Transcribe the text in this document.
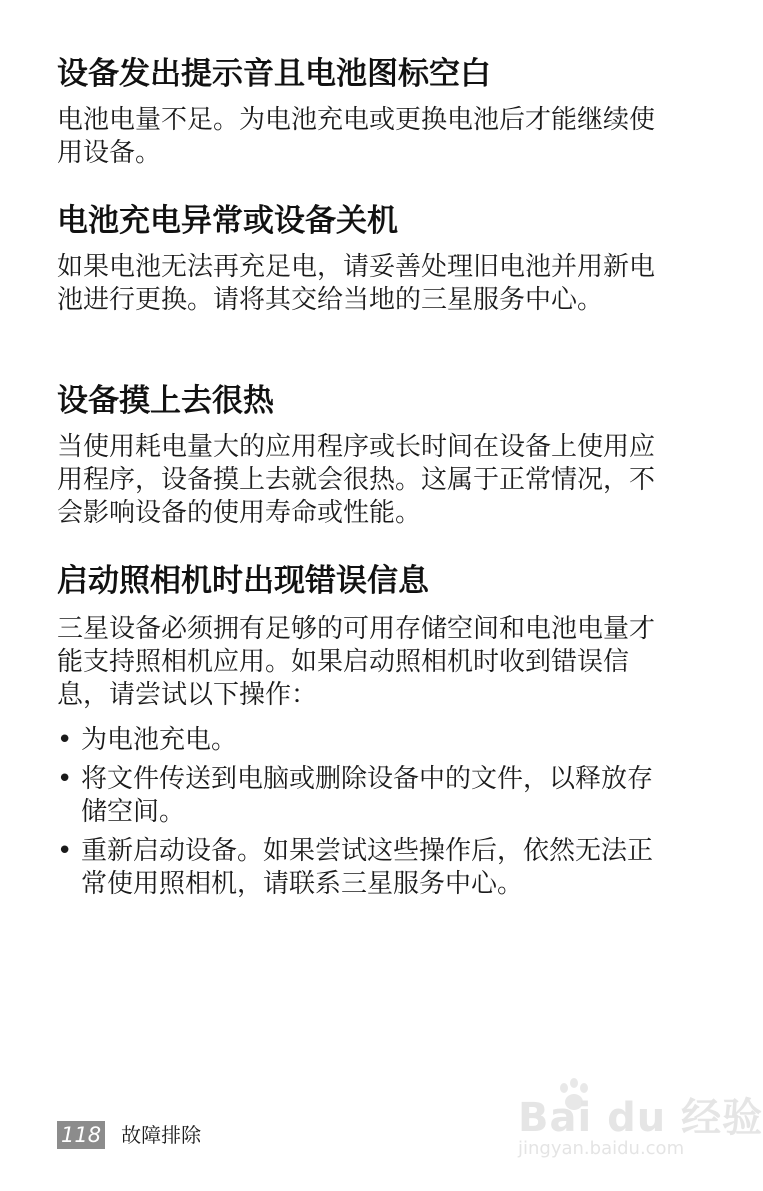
设备发出提示音且电池图标空白

电池电量不足。为电池充电或更换电池后才能继续使用设备。

电池充电异常或设备关机

如果电池无法再充足电，请妥善处理旧电池并用新电池进行更换。请将其交给当地的三星服务中心。

设备摸上去很热

当使用耗电量大的应用程序或长时间在设备上使用应用程序，设备摸上去就会很热。这属于正常情况，不会影响设备的使用寿命或性能。

启动照相机时出现错误信息

三星设备必须拥有足够的可用存储空间和电池电量才能支持照相机应用。如果启动照相机时收到错误信息，请尝试以下操作：

• 为电池充电。
• 将文件传送到电脑或删除设备中的文件，以释放存储空间。
• 重新启动设备。如果尝试这些操作后，依然无法正常使用照相机，请联系三星服务中心。
118 故障排除	Bai du 经验
jingyan.baidu.com
